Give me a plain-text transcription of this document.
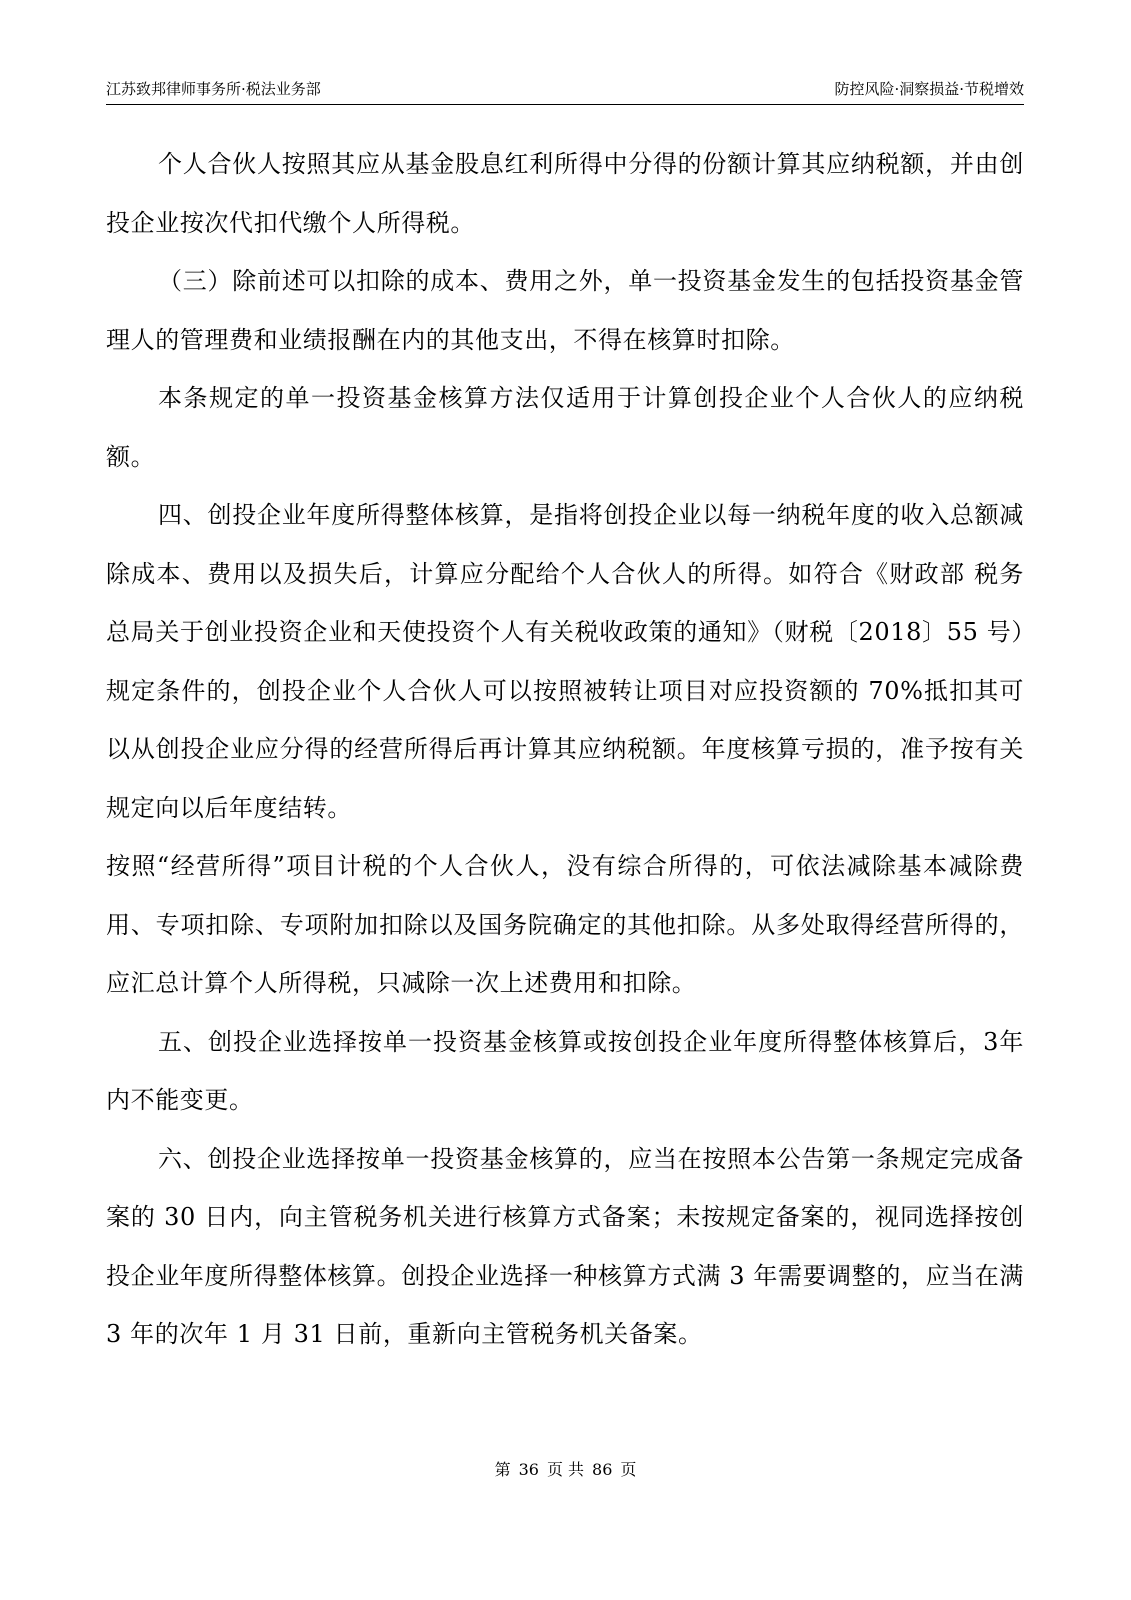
江苏致邦律师事务所·税法业务部	防控风险·洞察损益·节税增效

个人合伙人按照其应从基金股息红利所得中分得的份额计算其应纳税额，并由创投企业按次代扣代缴个人所得税。

（三）除前述可以扣除的成本、费用之外，单一投资基金发生的包括投资基金管理人的管理费和业绩报酬在内的其他支出，不得在核算时扣除。

本条规定的单一投资基金核算方法仅适用于计算创投企业个人合伙人的应纳税额。

四、创投企业年度所得整体核算，是指将创投企业以每一纳税年度的收入总额减除成本、费用以及损失后，计算应分配给个人合伙人的所得。如符合《财政部 税务总局关于创业投资企业和天使投资个人有关税收政策的通知》（财税〔2018〕55 号）规定条件的，创投企业个人合伙人可以按照被转让项目对应投资额的 70%抵扣其可以从创投企业应分得的经营所得后再计算其应纳税额。年度核算亏损的，准予按有关规定向以后年度结转。

按照“经营所得”项目计税的个人合伙人，没有综合所得的，可依法减除基本减除费用、专项扣除、专项附加扣除以及国务院确定的其他扣除。从多处取得经营所得的，应汇总计算个人所得税，只减除一次上述费用和扣除。

五、创投企业选择按单一投资基金核算或按创投企业年度所得整体核算后，3年内不能变更。

六、创投企业选择按单一投资基金核算的，应当在按照本公告第一条规定完成备案的 30 日内，向主管税务机关进行核算方式备案；未按规定备案的，视同选择按创投企业年度所得整体核算。创投企业选择一种核算方式满 3 年需要调整的，应当在满 3 年的次年 1 月 31 日前，重新向主管税务机关备案。

第 36 页 共 86 页
